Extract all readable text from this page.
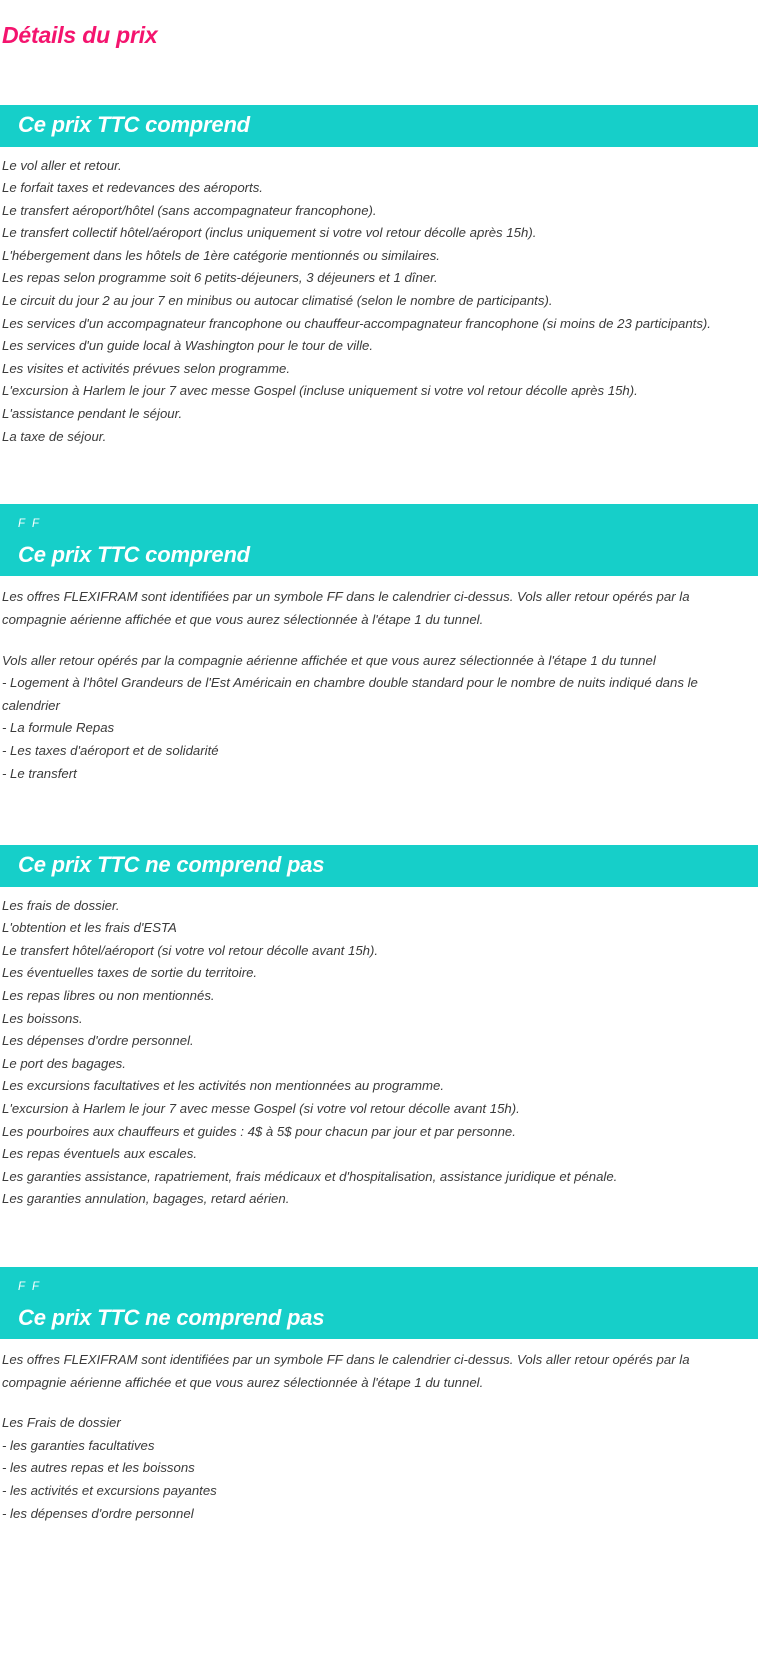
Détails du prix
Ce prix TTC comprend
Le vol aller et retour.
Le forfait taxes et redevances des aéroports.
Le transfert aéroport/hôtel (sans accompagnateur francophone).
Le transfert collectif hôtel/aéroport (inclus uniquement si votre vol retour décolle après 15h).
L'hébergement dans les hôtels de 1ère catégorie mentionnés ou similaires.
Les repas selon programme soit 6 petits-déjeuners, 3 déjeuners et 1 dîner.
Le circuit du jour 2 au jour 7 en minibus ou autocar climatisé (selon le nombre de participants).
Les services d'un accompagnateur francophone ou chauffeur-accompagnateur francophone (si moins de 23 participants).
Les services d'un guide local à Washington pour le tour de ville.
Les visites et activités prévues selon programme.
L'excursion à Harlem le jour 7 avec messe Gospel (incluse uniquement si votre vol retour décolle après 15h).
L'assistance pendant le séjour.
La taxe de séjour.
F F
Ce prix TTC comprend
Les offres FLEXIFRAM sont identifiées par un symbole FF dans le calendrier ci-dessus. Vols aller retour opérés par la compagnie aérienne affichée et que vous aurez sélectionnée à l'étape 1 du tunnel.
Vols aller retour opérés par la compagnie aérienne affichée et que vous aurez sélectionnée à l'étape 1 du tunnel
- Logement à l'hôtel Grandeurs de l'Est Américain en chambre double standard pour le nombre de nuits indiqué dans le calendrier
- La formule Repas
- Les taxes d'aéroport et de solidarité
- Le transfert
Ce prix TTC ne comprend pas
Les frais de dossier.
L'obtention et les frais d'ESTA
Le transfert hôtel/aéroport (si votre vol retour décolle avant 15h).
Les éventuelles taxes de sortie du territoire.
Les repas libres ou non mentionnés.
Les boissons.
Les dépenses d'ordre personnel.
Le port des bagages.
Les excursions facultatives et les activités non mentionnées au programme.
L'excursion à Harlem le jour 7 avec messe Gospel (si votre vol retour décolle avant 15h).
Les pourboires aux chauffeurs et guides : 4$ à 5$ pour chacun par jour et par personne.
Les repas éventuels aux escales.
Les garanties assistance, rapatriement, frais médicaux et d'hospitalisation, assistance juridique et pénale.
Les garanties annulation, bagages, retard aérien.
F F
Ce prix TTC ne comprend pas
Les offres FLEXIFRAM sont identifiées par un symbole FF dans le calendrier ci-dessus. Vols aller retour opérés par la compagnie aérienne affichée et que vous aurez sélectionnée à l'étape 1 du tunnel.
Les Frais de dossier
- les garanties facultatives
- les autres repas et les boissons
- les activités et excursions payantes
- les dépenses d'ordre personnel
